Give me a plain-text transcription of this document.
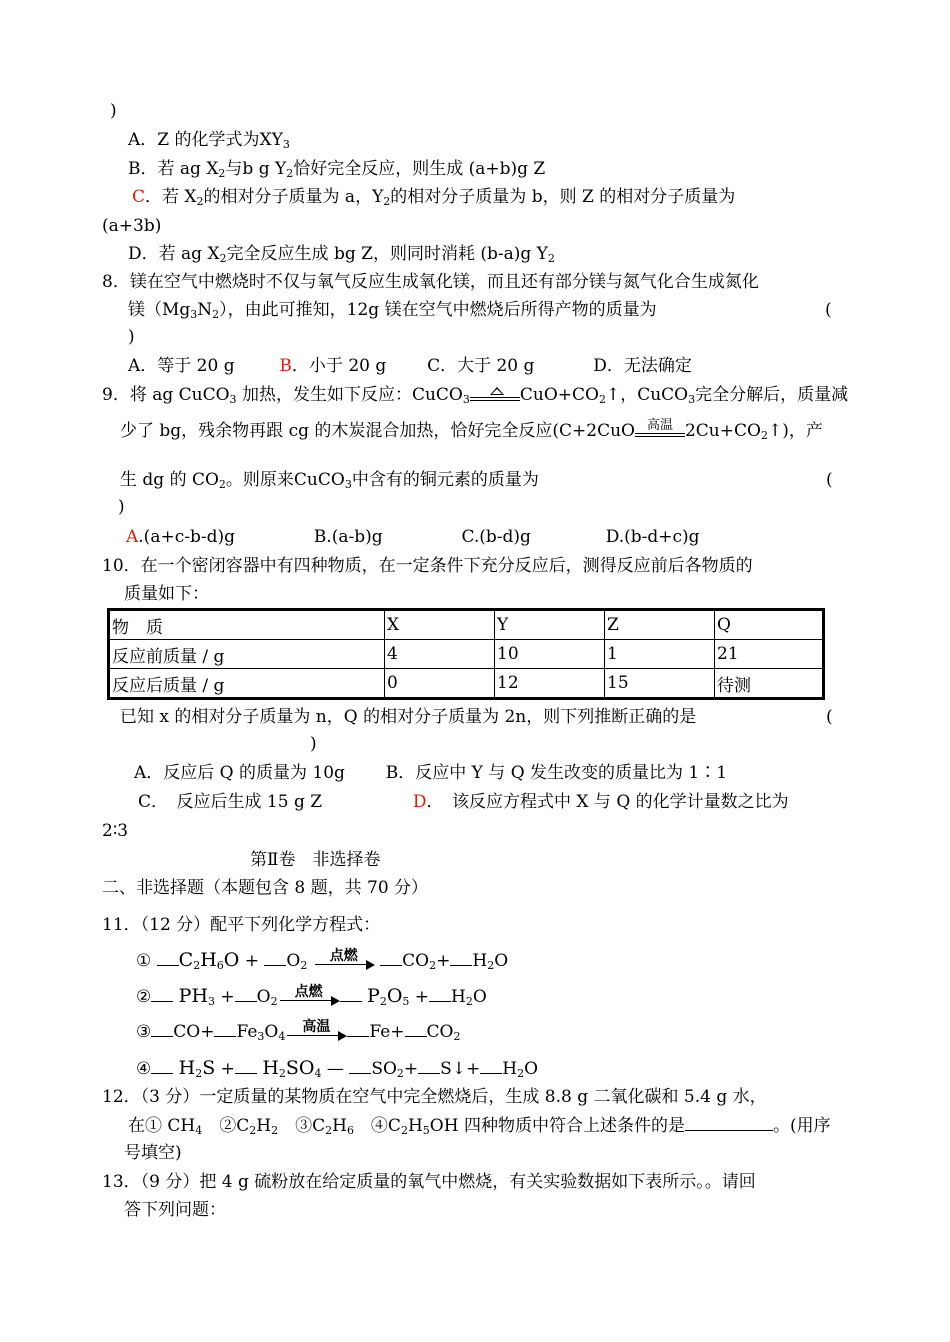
)
A．Z 的化学式为$XY_3$
B．若 ag $X_2$与b g $Y_2$恰好完全反应，则生成 (a+b)g Z
C．若 $X_2$的相对分子质量为 a，$Y_2$的相对分子质量为 b，则 Z 的相对分子质量为
(a+3b)
D．若 ag $X_2$完全反应生成 bg Z，则同时消耗 (b-a)g $Y_2$
8．镁在空气中燃烧时不仅与氧气反应生成氧化镁，而且还有部分镁与氮气化合生成氮化
镁$(Mg_3N_2)$，由此可推知，12g 镁在空气中燃烧后所得产物的质量为	(
)
A．等于 20 g	B．小于 20 g C．大于 20 g	D．无法确定
9．将 ag CuCO$_3$ 加热，发生如下反应：CuCO$_3$	$CuO+CO_2↑$，CuCO$_3$完全分解后，质量减
少了 bg，残余物再跟 cg 的木炭混合加热，恰好完全反应(C+2CuO 高温 $2Cu+CO_2↑$)，产
生 dg 的 $CO_2$。则原来CuCO$_3$中含有的铜元素的质量为	(
)
A.(a+c-b-d)g	B.(a-b)g	C.(b-d)g	D.(b-d+c)g
10．在一个密闭容器中有四种物质，在一定条件下充分反应后，测得反应前后各物质的
质量如下：
物　质	X	Y	Z	Q
反应前质量 / g	4	10	1	21
反应后质量 / g	0	12	15	待测
已知 x 的相对分子质量为 n，Q 的相对分子质量为 2n，则下列推断正确的是	(
)
A．反应后 Q 的质量为 10g B．反应中 Y 与 Q 发生改变的质量比为 1∶1
C．　反应后生成 15 g Z	D．　该反应方程式中 X 与 Q 的化学计量数之比为
2∶3
第Ⅱ卷　非选择卷
二、非选择题（本题包含 8 题，共 70 分）
11．（12 分）配平下列化学方程式：
① $C_2H_6O + O_2$
点燃	$CO_2+ H_2O$
② $PH_3 + O_2$
点燃	$P_2O_5 + H_2O$
③ $CO+ Fe_3O_4$
高温	$Fe+ CO_2$
④ $H_2S + H_2SO_4$ — $SO_2+$ S↓+ $H_2O$
12．（3 分）一定质量的某物质在空气中完全燃烧后，生成 8.8 g 二氧化碳和 5.4 g 水，
在① $CH_4$　$②C_2H_2$　$③C_2H_6$　$④C_2H_5OH$ 四种物质中符合上述条件的是	。(用序
号填空)
13．（9 分）把 4 g 硫粉放在给定质量的氧气中燃烧，有关实验数据如下表所示。。请回
答下列问题：
